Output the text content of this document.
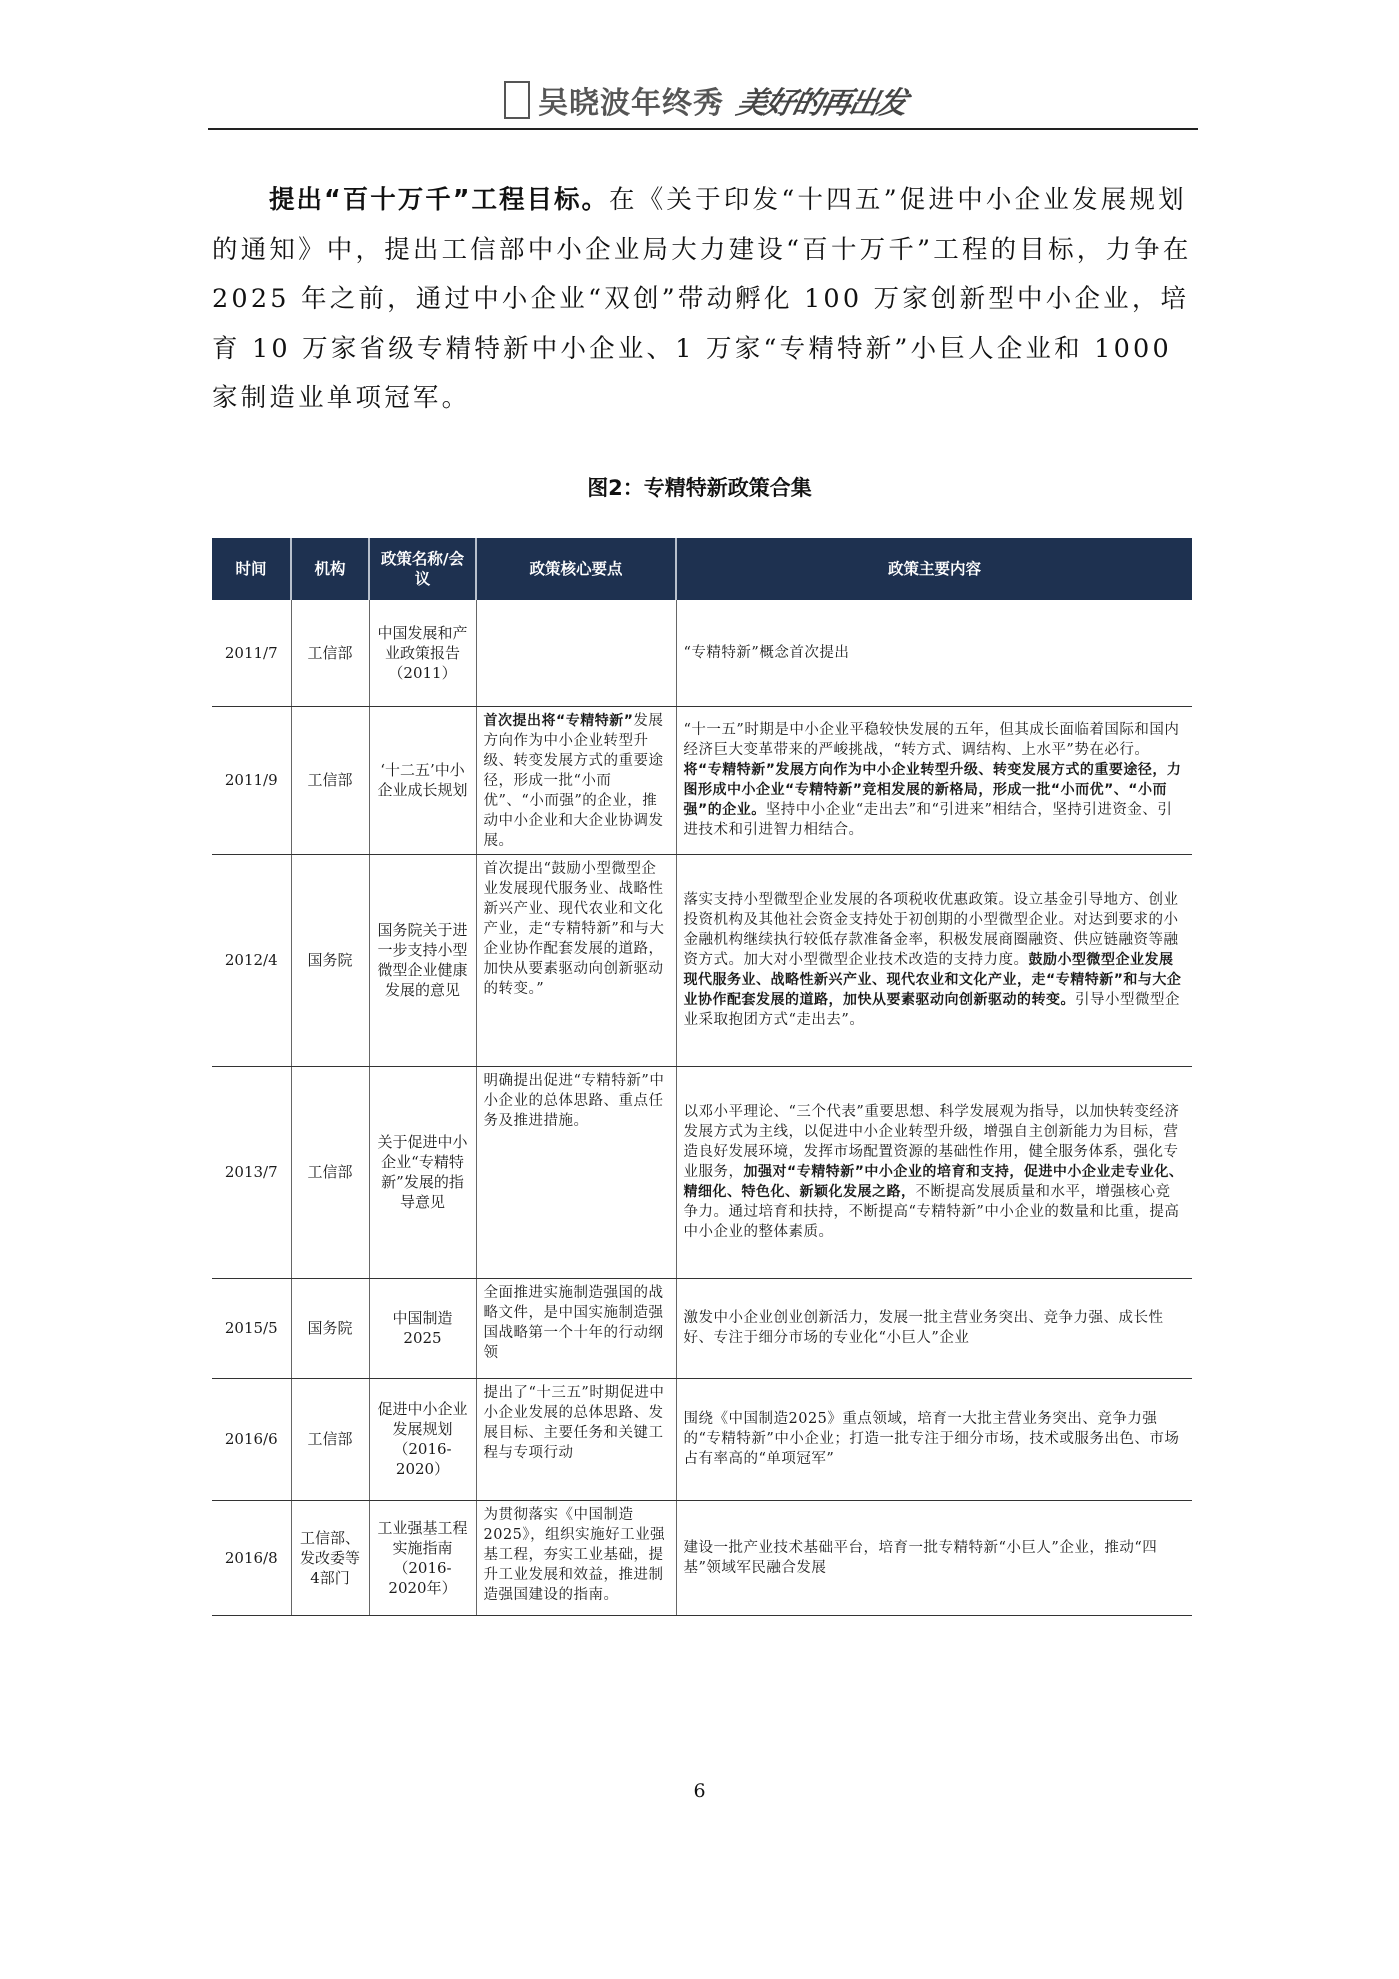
吴晓波年终秀 美好的再出发
提出“百十万千”工程目标。在《关于印发“十四五”促进中小企业发展规划的通知》中，提出工信部中小企业局大力建设“百十万千”工程的目标，力争在 2025 年之前，通过中小企业“双创”带动孵化 100 万家创新型中小企业，培育 10 万家省级专精特新中小企业、1 万家“专精特新”小巨人企业和 1000 家制造业单项冠军。
图2：专精特新政策合集
时间	机构	政策名称/会议	政策核心要点	政策主要内容
2011/7	工信部	中国发展和产业政策报告（2011）		“专精特新”概念首次提出
2011/9	工信部	‘十二五’中小企业成长规划	首次提出将“专精特新”发展方向作为中小企业转型升级、转变发展方式的重要途径，形成一批“小而优”、“小而强”的企业，推动中小企业和大企业协调发展。	“十一五”时期是中小企业平稳较快发展的五年，但其成长面临着国际和国内经济巨大变革带来的严峻挑战，“转方式、调结构、上水平”势在必行。将“专精特新”发展方向作为中小企业转型升级、转变发展方式的重要途径，力图形成中小企业“专精特新”竞相发展的新格局，形成一批“小而优”、“小而强”的企业。坚持中小企业“走出去”和“引进来”相结合，坚持引进资金、引进技术和引进智力相结合。
2012/4	国务院	国务院关于进一步支持小型微型企业健康发展的意见	首次提出“鼓励小型微型企业发展现代服务业、战略性新兴产业、现代农业和文化产业，走“专精特新”和与大企业协作配套发展的道路，加快从要素驱动向创新驱动的转变。”	落实支持小型微型企业发展的各项税收优惠政策。设立基金引导地方、创业投资机构及其他社会资金支持处于初创期的小型微型企业。对达到要求的小金融机构继续执行较低存款准备金率，积极发展商圈融资、供应链融资等融资方式。加大对小型微型企业技术改造的支持力度。鼓励小型微型企业发展现代服务业、战略性新兴产业、现代农业和文化产业，走“专精特新”和与大企业协作配套发展的道路，加快从要素驱动向创新驱动的转变。引导小型微型企业采取抱团方式“走出去”。
2013/7	工信部	关于促进中小企业“专精特新”发展的指导意见	明确提出促进“专精特新”中小企业的总体思路、重点任务及推进措施。	以邓小平理论、“三个代表”重要思想、科学发展观为指导，以加快转变经济发展方式为主线，以促进中小企业转型升级，增强自主创新能力为目标，营造良好发展环境，发挥市场配置资源的基础性作用，健全服务体系，强化专业服务，加强对“专精特新”中小企业的培育和支持，促进中小企业走专业化、精细化、特色化、新颖化发展之路，不断提高发展质量和水平，增强核心竞争力。通过培育和扶持，不断提高“专精特新”中小企业的数量和比重，提高中小企业的整体素质。
2015/5	国务院	中国制造2025	全面推进实施制造强国的战略文件，是中国实施制造强国战略第一个十年的行动纲领	激发中小企业创业创新活力，发展一批主营业务突出、竞争力强、成长性好、专注于细分市场的专业化“小巨人”企业
2016/6	工信部	促进中小企业发展规划（2016-2020）	提出了“十三五”时期促进中小企业发展的总体思路、发展目标、主要任务和关键工程与专项行动	围绕《中国制造2025》重点领域，培育一大批主营业务突出、竞争力强的“专精特新”中小企业；打造一批专注于细分市场，技术或服务出色、市场占有率高的“单项冠军”
2016/8	工信部、发改委等4部门	工业强基工程实施指南（2016-2020年）	为贯彻落实《中国制造2025》，组织实施好工业强基工程，夯实工业基础，提升工业发展和效益，推进制造强国建设的指南。	建设一批产业技术基础平台，培育一批专精特新“小巨人”企业，推动“四基”领域军民融合发展
6
